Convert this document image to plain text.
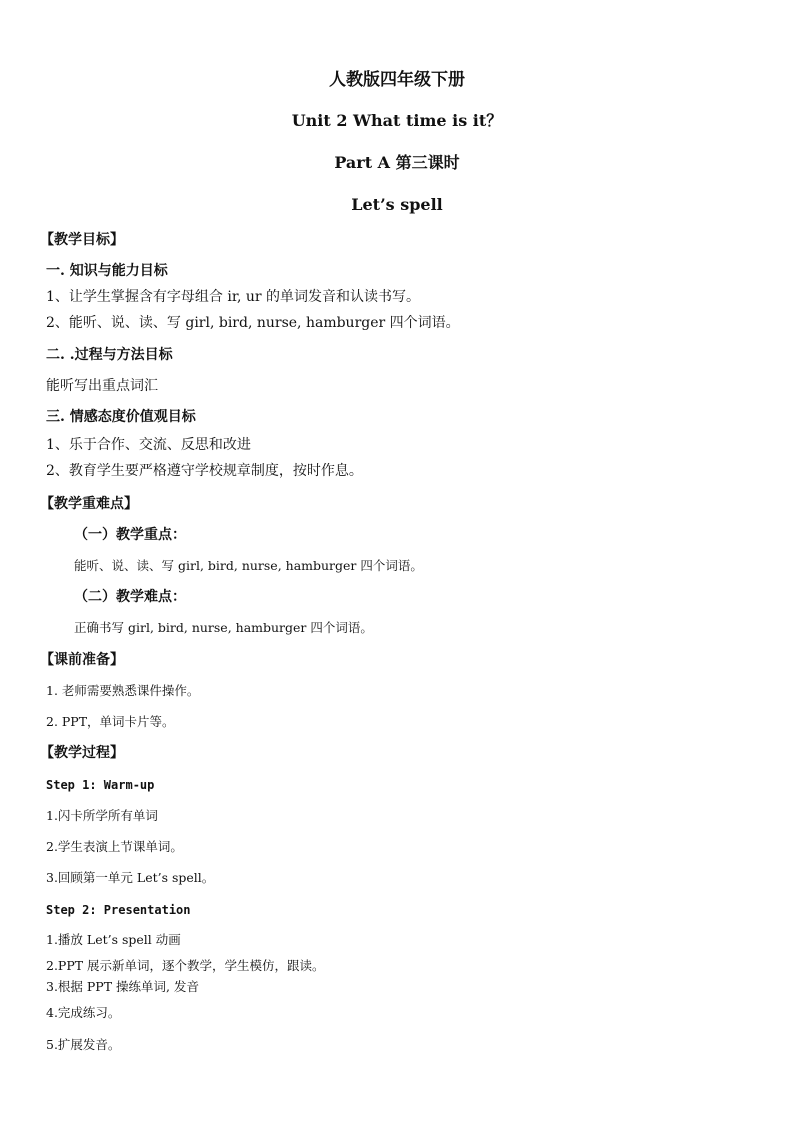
人教版四年级下册
Unit 2 What time is it？
Part A 第三课时
Let’s spell
【教学目标】
一. 知识与能力目标
1、让学生掌握含有字母组合 ir, ur 的单词发音和认读书写。
2、能听、说、读、写 girl, bird, nurse, hamburger 四个词语。
二. .过程与方法目标
能听写出重点词汇
三. 情感态度价值观目标
1、乐于合作、交流、反思和改进
2、教育学生要严格遵守学校规章制度，按时作息。
【教学重难点】
（一）教学重点：
能听、说、读、写 girl, bird, nurse, hamburger 四个词语。
（二）教学难点：
正确书写 girl, bird, nurse, hamburger 四个词语。
【课前准备】
1. 老师需要熟悉课件操作。
2. PPT，单词卡片等。
【教学过程】
Step 1: Warm-up
1.闪卡所学所有单词
2.学生表演上节课单词。
3.回顾第一单元 Let’s spell。
Step 2: Presentation
1.播放 Let’s spell 动画
2.PPT 展示新单词，逐个教学，学生模仿，跟读。
3.根据 PPT 操练单词, 发音
4.完成练习。
5.扩展发音。
